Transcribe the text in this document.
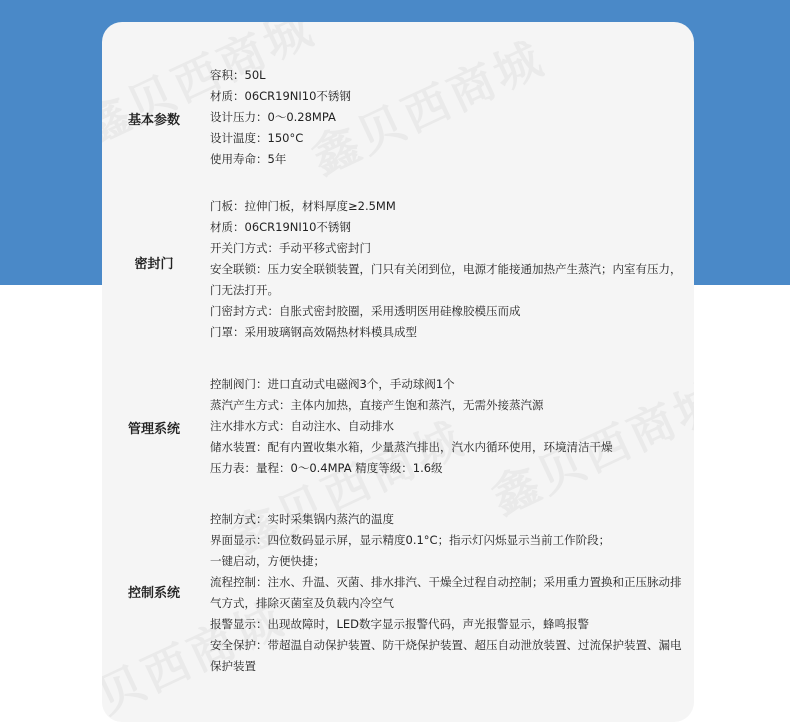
基本参数
容积：50L
材质：06CR19NI10不锈钢
设计压力：0～0.28MPA
设计温度：150°C
使用寿命：5年
密封门
门板：拉伸门板，材料厚度≥2.5MM
材质：06CR19NI10不锈钢
开关门方式：手动平移式密封门
安全联锁：压力安全联锁装置，门只有关闭到位，电源才能接通加热产生蒸汽；内室有压力，门无法打开。
门密封方式：自胀式密封胶圈，采用透明医用硅橡胶模压而成
门罩：采用玻璃钢高效隔热材料模具成型
管理系统
控制阀门：进口直动式电磁阀3个，手动球阀1个
蒸汽产生方式：主体内加热，直接产生饱和蒸汽，无需外接蒸汽源
注水排水方式：自动注水、自动排水
储水装置：配有内置收集水箱，少量蒸汽排出，汽水内循环使用，环境清洁干燥
压力表：量程：0～0.4MPA 精度等级：1.6级
控制系统
控制方式：实时采集锅内蒸汽的温度
界面显示：四位数码显示屏，显示精度0.1°C；指示灯闪烁显示当前工作阶段；
一键启动，方便快捷；
流程控制：注水、升温、灭菌、排水排汽、干燥全过程自动控制；采用重力置换和正压脉动排气方式，排除灭菌室及负载内冷空气
报警显示：出现故障时，LED数字显示报警代码，声光报警显示，蜂鸣报警
安全保护：带超温自动保护装置、防干烧保护装置、超压自动泄放装置、过流保护装置、漏电保护装置
